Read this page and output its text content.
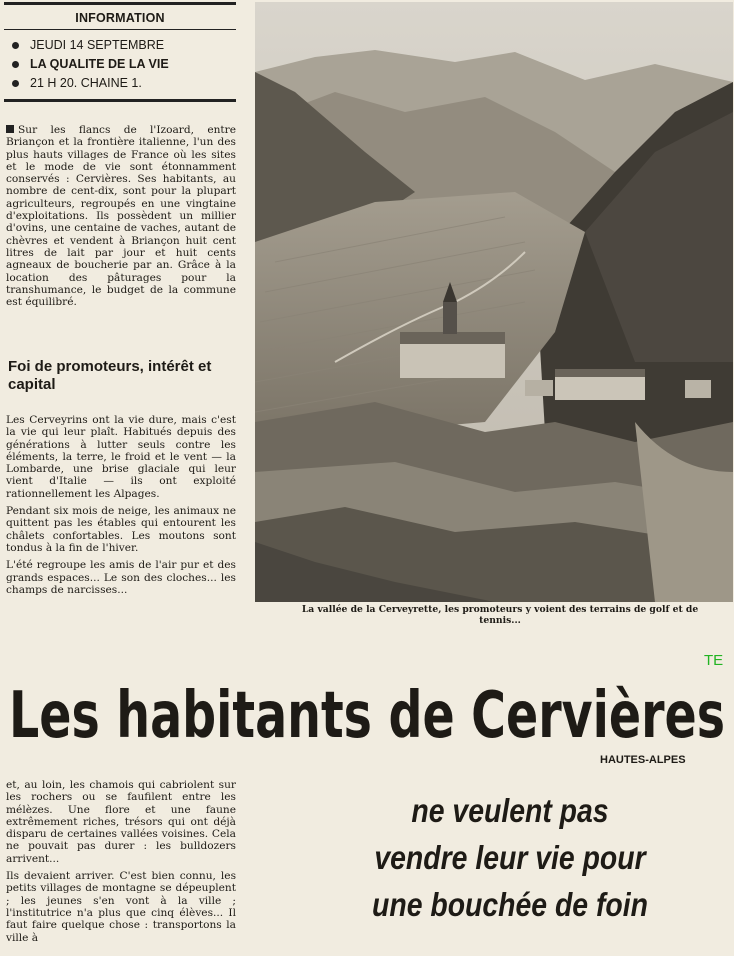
INFORMATION
JEUDI 14 SEPTEMBRE
LA QUALITE DE LA VIE
21 H 20. CHAINE 1.

Sur les flancs de l'Izoard, entre Briançon et la frontière italienne, l'un des plus hauts villages de France où les sites et le mode de vie sont étonnamment conservés : Cervières. Ses habitants, au nombre de cent-dix, sont pour la plupart agriculteurs, regroupés en une vingtaine d'exploitations. Ils possèdent un millier d'ovins, une centaine de vaches, autant de chèvres et vendent à Briançon huit cent litres de lait par jour et huit cents agneaux de boucherie par an. Grâce à la location des pâturages pour la transhumance, le budget de la commune est équilibré.

Foi de promoteurs, intérêt et capital

Les Cerveyrins ont la vie dure, mais c'est la vie qui leur plaît. Habitués depuis des générations à lutter seuls contre les éléments, la terre, le froid et le vent — la Lombarde, une brise glaciale qui leur vient d'Italie — ils ont exploité rationnellement les Alpages.

Pendant six mois de neige, les animaux ne quittent pas les étables qui entourent les châlets confortables. Les moutons sont tondus à la fin de l'hiver.

L'été regroupe les amis de l'air pur et des grands espaces... Le son des cloches... les champs de narcisses...

La vallée de la Cerveyrette, les promoteurs y voient des terrains de golf et de tennis...
TE
Les habitants de Cervières
HAUTES-ALPES

et, au loin, les chamois qui cabriolent sur les rochers ou se faufilent entre les mélèzes. Une flore et une faune extrêmement riches, trésors qui ont déjà disparu de certaines vallées voisines. Cela ne pouvait pas durer : les bulldozers arrivent...

Ils devaient arriver. C'est bien connu, les petits villages de montagne se dépeuplent ; les jeunes s'en vont à la ville ; l'institutrice n'a plus que cinq élèves... Il faut faire quelque chose : transportons la ville à

ne veulent pas
vendre leur vie pour
une bouchée de foin
